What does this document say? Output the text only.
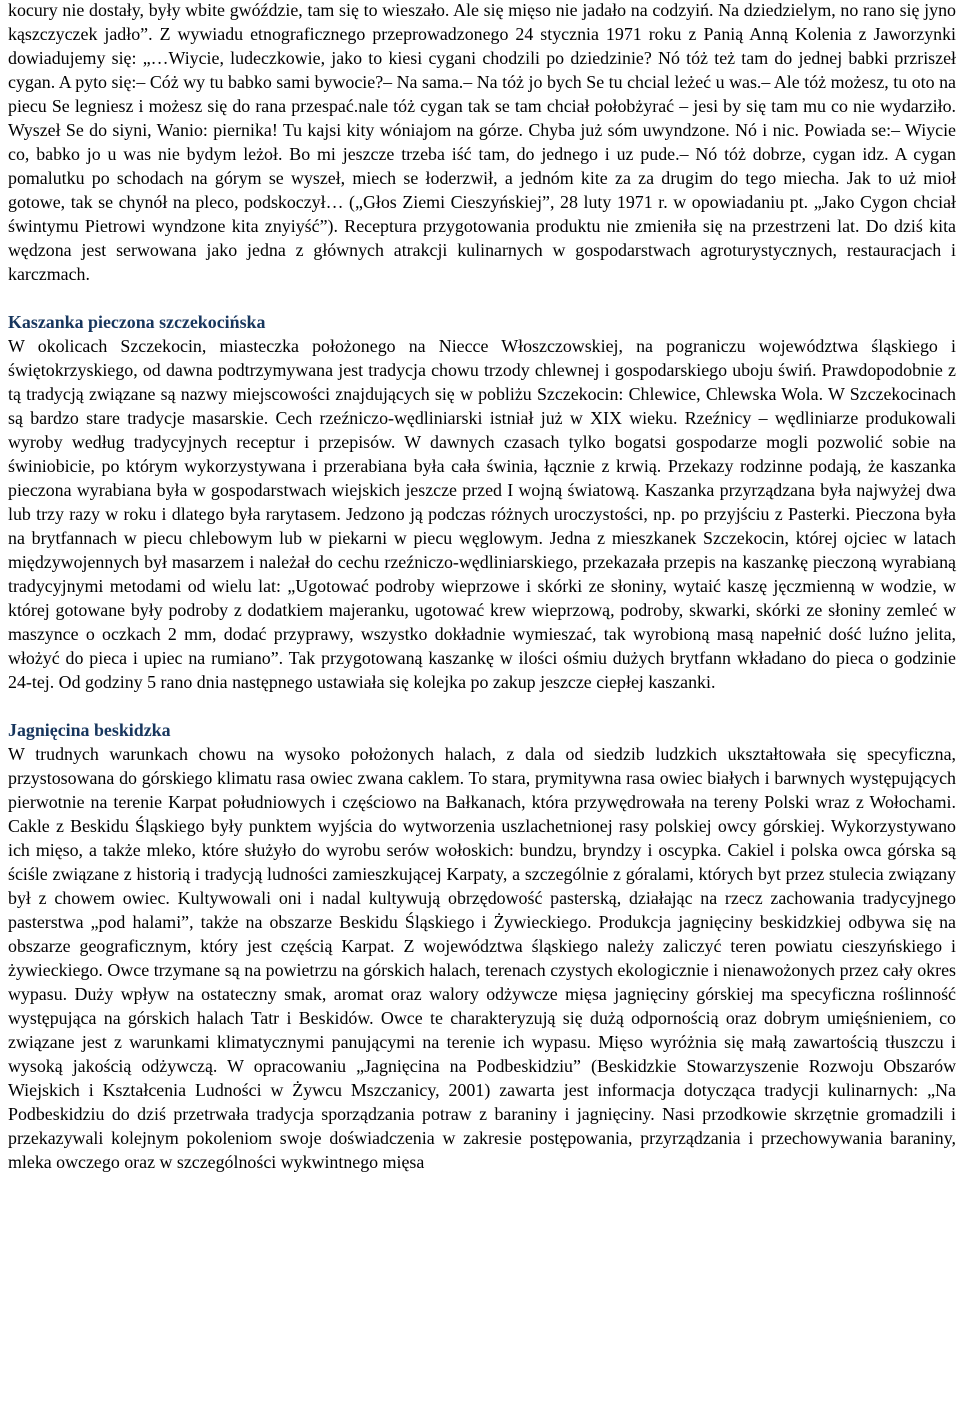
kocury nie dostały, były wbite gwóździe, tam się to wieszało. Ale się mięso nie jadało na codzyiń. Na dziedzielym, no rano się jyno kąszczyczek jadło”. Z wywiadu etnograficznego przeprowadzonego 24 stycznia 1971 roku z Panią Anną Kolenia z Jaworzynki dowiadujemy się: „…Wiycie, ludeczkowie, jako to kiesi cygani chodzili po dziedzinie? Nó tóż też tam do jednej babki przriszeł cygan. A pyto się:– Cóż wy tu babko sami bywocie?– Na sama.– Na tóż jo bych Se tu chcial leżeć u was.– Ale tóż możesz, tu oto na piecu Se legniesz i możesz się do rana przespać.nale tóż cygan tak se tam chciał połobżyrać – jesi by się tam mu co nie wydarziło. Wyszeł Se do siyni, Wanio: piernika! Tu kajsi kity wóniajom na górze. Chyba już sóm uwyndzone. Nó i nic. Powiada se:– Wiycie co, babko jo u was nie bydym leżoł. Bo mi jeszcze trzeba iść tam, do jednego i uz pude.– Nó tóż dobrze, cygan idz. A cygan pomalutku po schodach na górym se wyszeł, miech se łoderzwił, a jednóm kite za za drugim do tego miecha. Jak to uż mioł gotowe, tak se chynół na pleco, podskoczył… („Głos Ziemi Cieszyńskiej”, 28 luty 1971 r. w opowiadaniu pt. „Jako Cygon chciał świntymu Pietrowi wyndzone kita znyiyść”). Receptura przygotowania produktu nie zmieniła się na przestrzeni lat. Do dziś kita wędzona jest serwowana jako jedna z głównych atrakcji kulinarnych w gospodarstwach agroturystycznych, restauracjach i karczmach.

Kaszanka pieczona szczekocińska

W okolicach Szczekocin, miasteczka położonego na Niecce Włoszczowskiej, na pograniczu województwa śląskiego i świętokrzyskiego, od dawna podtrzymywana jest tradycja chowu trzody chlewnej i gospodarskiego uboju świń. Prawdopodobnie z tą tradycją związane są nazwy miejscowości znajdujących się w pobliżu Szczekocin: Chlewice, Chlewska Wola. W Szczekocinach są bardzo stare tradycje masarskie. Cech rzeźniczo-wędliniarski istniał już w XIX wieku. Rzeźnicy – wędliniarze produkowali wyroby według tradycyjnych receptur i przepisów. W dawnych czasach tylko bogatsi gospodarze mogli pozwolić sobie na świniobicie, po którym wykorzystywana i przerabiana była cała świnia, łącznie z krwią. Przekazy rodzinne podają, że kaszanka pieczona wyrabiana była w gospodarstwach wiejskich jeszcze przed I wojną światową. Kaszanka przyrządzana była najwyżej dwa lub trzy razy w roku i dlatego była rarytasem. Jedzono ją podczas różnych uroczystości, np. po przyjściu z Pasterki. Pieczona była na brytfannach w piecu chlebowym lub w piekarni w piecu węglowym. Jedna z mieszkanek Szczekocin, której ojciec w latach międzywojennych był masarzem i należał do cechu rzeźniczo-wędliniarskiego, przekazała przepis na kaszankę pieczoną wyrabianą tradycyjnymi metodami od wielu lat: „Ugotować podroby wieprzowe i skórki ze słoniny, wytaić kaszę jęczmienną w wodzie, w której gotowane były podroby z dodatkiem majeranku, ugotować krew wieprzową, podroby, skwarki, skórki ze słoniny zemleć w maszynce o oczkach 2 mm, dodać przyprawy, wszystko dokładnie wymieszać, tak wyrobioną masą napełnić dość luźno jelita, włożyć do pieca i upiec na rumiano”. Tak przygotowaną kaszankę w ilości ośmiu dużych brytfann wkładano do pieca o godzinie 24-tej. Od godziny 5 rano dnia następnego ustawiała się kolejka po zakup jeszcze ciepłej kaszanki.

Jagnięcina beskidzka

W trudnych warunkach chowu na wysoko położonych halach, z dala od siedzib ludzkich ukształtowała się specyficzna, przystosowana do górskiego klimatu rasa owiec zwana caklem. To stara, prymitywna rasa owiec białych i barwnych występujących pierwotnie na terenie Karpat południowych i częściowo na Bałkanach, która przywędrowała na tereny Polski wraz z Wołochami. Cakle z Beskidu Śląskiego były punktem wyjścia do wytworzenia uszlachetnionej rasy polskiej owcy górskiej. Wykorzystywano ich mięso, a także mleko, które służyło do wyrobu serów wołoskich: bundzu, bryndzy i oscypka. Cakiel i polska owca górska są ściśle związane z historią i tradycją ludności zamieszkującej Karpaty, a szczególnie z góralami, których byt przez stulecia związany był z chowem owiec. Kultywowali oni i nadal kultywują obrzędowość pasterską, działając na rzecz zachowania tradycyjnego pasterstwa „pod halami”, także na obszarze Beskidu Śląskiego i Żywieckiego. Produkcja jagnięciny beskidzkiej odbywa się na obszarze geograficznym, który jest częścią Karpat. Z województwa śląskiego należy zaliczyć teren powiatu cieszyńskiego i żywieckiego. Owce trzymane są na powietrzu na górskich halach, terenach czystych ekologicznie i nienawożonych przez cały okres wypasu. Duży wpływ na ostateczny smak, aromat oraz walory odżywcze mięsa jagnięciny górskiej ma specyficzna roślinność występująca na górskich halach Tatr i Beskidów. Owce te charakteryzują się dużą odpornością oraz dobrym umięśnieniem, co związane jest z warunkami klimatycznymi panującymi na terenie ich wypasu. Mięso wyróżnia się małą zawartością tłuszczu i wysoką jakością odżywczą. W opracowaniu „Jagnięcina na Podbeskidziu” (Beskidzkie Stowarzyszenie Rozwoju Obszarów Wiejskich i Kształcenia Ludności w Żywcu Mszczanicy, 2001) zawarta jest informacja dotycząca tradycji kulinarnych: „Na Podbeskidziu do dziś przetrwała tradycja sporządzania potraw z baraniny i jagnięciny. Nasi przodkowie skrzętnie gromadzili i przekazywali kolejnym pokoleniom swoje doświadczenia w zakresie postępowania, przyrządzania i przechowywania baraniny, mleka owczego oraz w szczególności wykwintnego mięsa
